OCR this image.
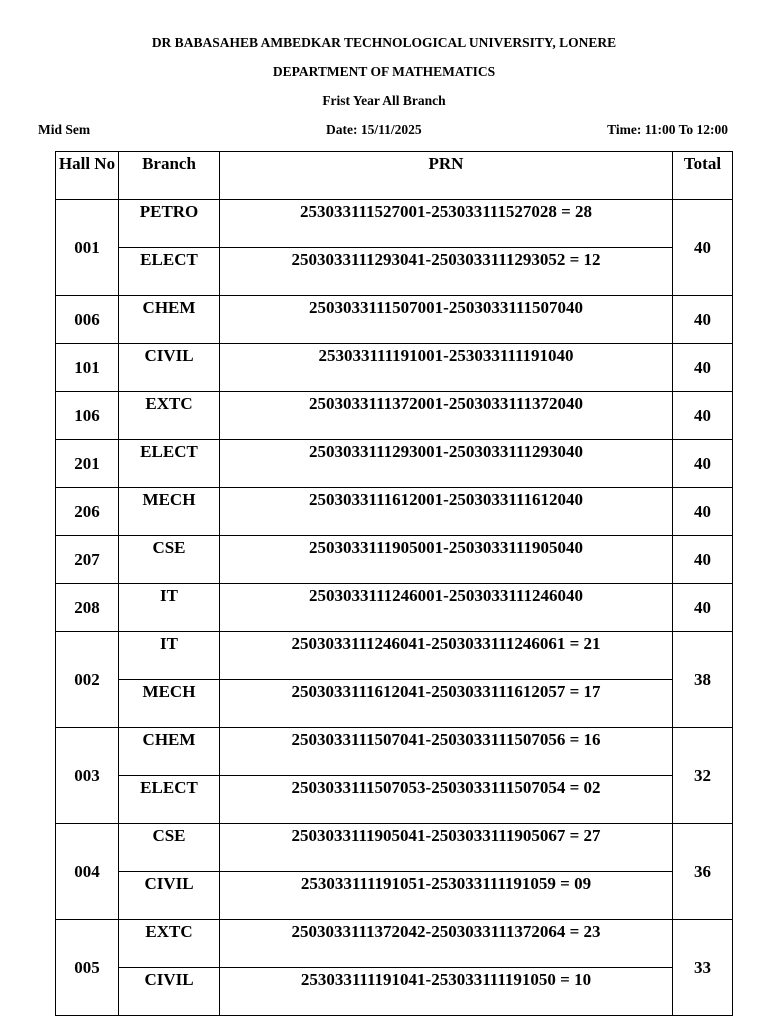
DR BABASAHEB AMBEDKAR TECHNOLOGICAL UNIVERSITY, LONERE
DEPARTMENT OF MATHEMATICS
Frist Year All Branch
Mid Sem	Date: 15/11/2025	Time: 11:00 To 12:00
Hall No	Branch	PRN	Total
001	PETRO	253033111527001-253033111527028 = 28	40
	ELECT	2503033111293041-2503033111293052 = 12	
006	CHEM	2503033111507001-2503033111507040	40
101	CIVIL	253033111191001-253033111191040	40
106	EXTC	2503033111372001-2503033111372040	40
201	ELECT	2503033111293001-2503033111293040	40
206	MECH	2503033111612001-2503033111612040	40
207	CSE	2503033111905001-2503033111905040	40
208	IT	2503033111246001-2503033111246040	40
002	IT	2503033111246041-2503033111246061 = 21	38
	MECH	2503033111612041-2503033111612057 = 17	
003	CHEM	2503033111507041-2503033111507056 = 16	32
	ELECT	2503033111507053-2503033111507054 = 02	
004	CSE	2503033111905041-2503033111905067 = 27	36
	CIVIL	253033111191051-253033111191059 = 09	
005	EXTC	2503033111372042-2503033111372064 = 23	33
	CIVIL	253033111191041-253033111191050 = 10	
